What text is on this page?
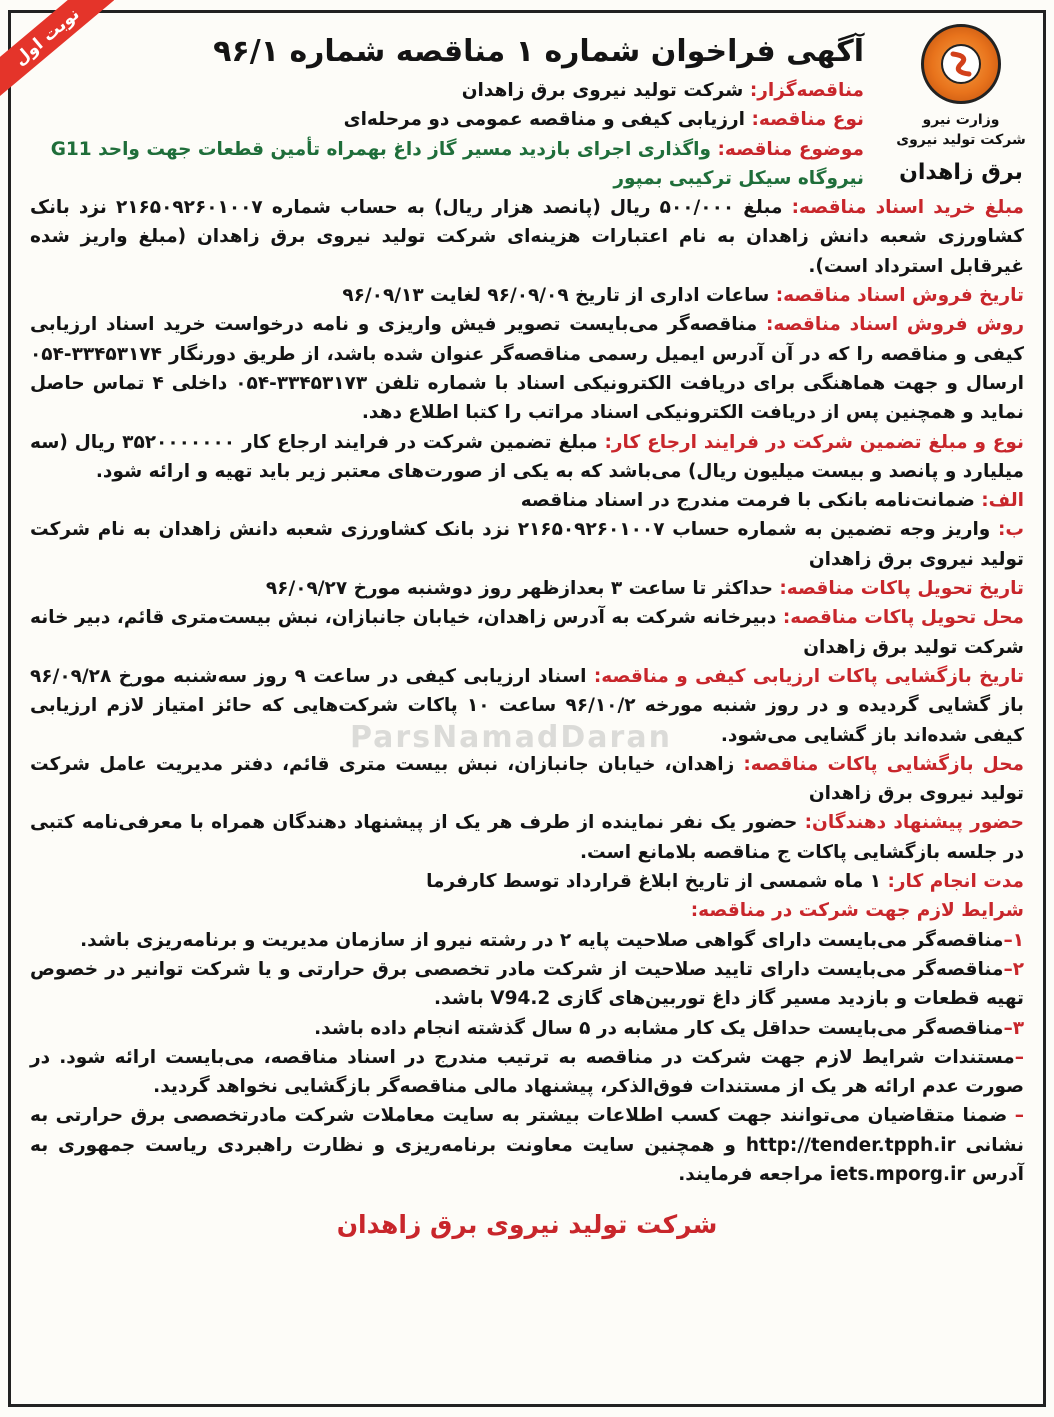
نوبت اول
وزارت نیرو
شرکت تولید نیروی
برق زاهدان
ParsNamadDaran
آگهی فراخوان شماره ۱ مناقصه شماره ۹۶/۱

مناقصه‌گزار: شرکت تولید نیروی برق زاهدان

نوع مناقصه: ارزیابی کیفی و مناقصه عمومی دو مرحله‌ای

موضوع مناقصه: واگذاری اجرای بازدید مسیر گاز داغ بهمراه تأمین قطعات جهت واحد G11 نیروگاه سیکل ترکیبی بمپور

مبلغ خرید اسناد مناقصه: مبلغ ۵۰۰/۰۰۰ ریال (پانصد هزار ریال) به حساب شماره ۲۱۶۵۰۹۲۶۰۱۰۰۷ نزد بانک کشاورزی شعبه دانش زاهدان به نام اعتبارات هزینه‌ای شرکت تولید نیروی برق زاهدان (مبلغ واریز شده غیرقابل استرداد است).

تاریخ فروش اسناد مناقصه: ساعات اداری از تاریخ ۹۶/۰۹/۰۹ لغایت ۹۶/۰۹/۱۳

روش فروش اسناد مناقصه: مناقصه‌گر می‌بایست تصویر فیش واریزی و نامه درخواست خرید اسناد ارزیابی کیفی و مناقصه را که در آن آدرس ایمیل رسمی مناقصه‌گر عنوان شده باشد، از طریق دورنگار ۳۳۴۵۳۱۷۴-۰۵۴ ارسال و جهت هماهنگی برای دریافت الکترونیکی اسناد با شماره تلفن ۳۳۴۵۳۱۷۳-۰۵۴ داخلی ۴ تماس حاصل نماید و همچنین پس از دریافت الکترونیکی اسناد مراتب را کتبا اطلاع دهد.

نوع و مبلغ تضمین شرکت در فرایند ارجاع کار: مبلغ تضمین شرکت در فرایند ارجاع کار ۳۵۲۰۰۰۰۰۰۰ ریال (سه میلیارد و پانصد و بیست میلیون ریال) می‌باشد که به یکی از صورت‌های معتبر زیر باید تهیه و ارائه شود.

الف: ضمانت‌نامه بانکی با فرمت مندرج در اسناد مناقصه

ب: واریز وجه تضمین به شماره حساب ۲۱۶۵۰۹۲۶۰۱۰۰۷ نزد بانک کشاورزی شعبه دانش زاهدان به نام شرکت تولید نیروی برق زاهدان

تاریخ تحویل پاکات مناقصه: حداکثر تا ساعت ۳ بعدازظهر روز دوشنبه مورخ ۹۶/۰۹/۲۷

محل تحویل پاکات مناقصه: دبیرخانه شرکت به آدرس زاهدان، خیابان جانبازان، نبش بیست‌متری قائم، دبیر خانه شرکت تولید برق زاهدان

تاریخ بازگشایی پاکات ارزیابی کیفی و مناقصه: اسناد ارزیابی کیفی در ساعت ۹ روز سه‌شنبه مورخ ۹۶/۰۹/۲۸ باز گشایی گردیده و در روز شنبه مورخه ۹۶/۱۰/۲ ساعت ۱۰ پاکات شرکت‌هایی که حائز امتیاز لازم ارزیابی کیفی شده‌اند باز گشایی می‌شود.

محل بازگشایی پاکات مناقصه: زاهدان، خیابان جانبازان، نبش بیست متری قائم، دفتر مدیریت عامل شرکت تولید نیروی برق زاهدان

حضور پیشنهاد دهندگان: حضور یک نفر نماینده از طرف هر یک از پیشنهاد دهندگان همراه با معرفی‌نامه کتبی در جلسه بازگشایی پاکات ج مناقصه بلامانع است.

مدت انجام کار: ۱ ماه شمسی از تاریخ ابلاغ قرارداد توسط کارفرما

شرایط لازم جهت شرکت در مناقصه:

۱–مناقصه‌گر می‌بایست دارای گواهی صلاحیت پایه ۲ در رشته نیرو از سازمان مدیریت و برنامه‌ریزی باشد.

۲–مناقصه‌گر می‌بایست دارای تایید صلاحیت از شرکت مادر تخصصی برق حرارتی و یا شرکت توانیر در خصوص تهیه قطعات و بازدید مسیر گاز داغ توربین‌های گازی V94.2 باشد.

۳–مناقصه‌گر می‌بایست حداقل یک کار مشابه در ۵ سال گذشته انجام داده باشد.

–مستندات شرایط لازم جهت شرکت در مناقصه به ترتیب مندرج در اسناد مناقصه، می‌بایست ارائه شود. در صورت عدم ارائه هر یک از مستندات فوق‌الذکر، پیشنهاد مالی مناقصه‌گر بازگشایی نخواهد گردید.

– ضمنا متقاضیان می‌توانند جهت کسب اطلاعات بیشتر به سایت معاملات شرکت مادرتخصصی برق حرارتی به نشانی http://tender.tpph.ir و همچنین سایت معاونت برنامه‌ریزی و نظارت راهبردی ریاست جمهوری به آدرس iets.mporg.ir مراجعه فرمایند.

شرکت تولید نیروی برق زاهدان
